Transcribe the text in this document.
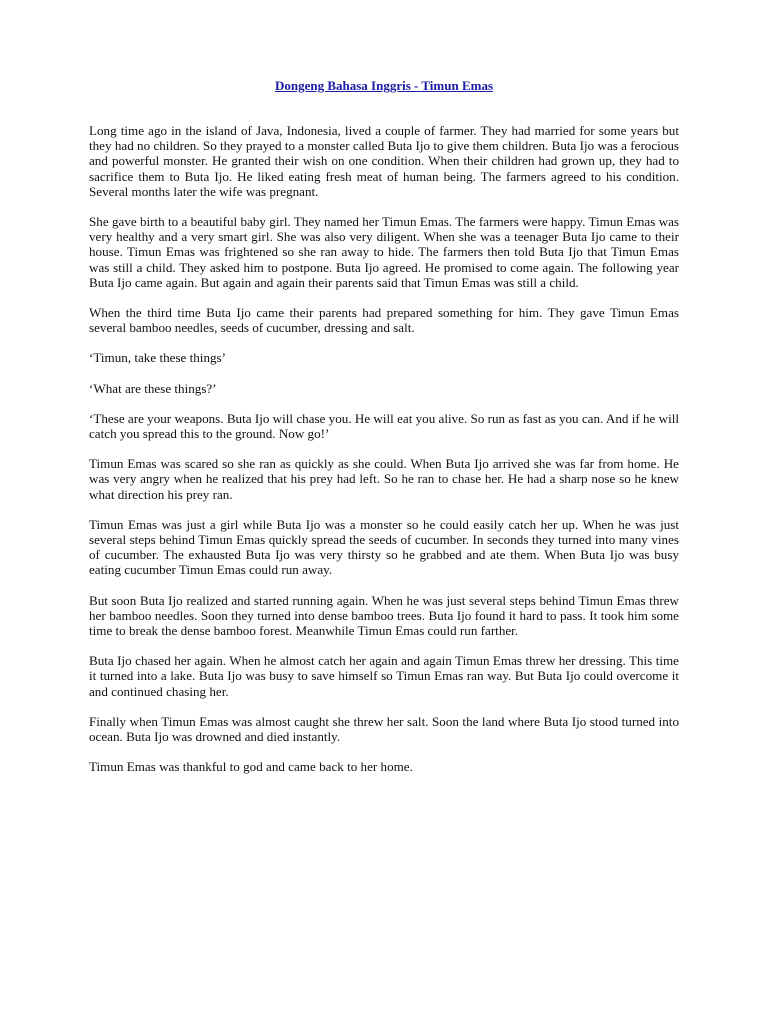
Dongeng Bahasa Inggris - Timun Emas

Long time ago in the island of Java, Indonesia, lived a couple of farmer. They had married for some years but they had no children. So they prayed to a monster called Buta Ijo to give them children. Buta Ijo was a ferocious and powerful monster. He granted their wish on one condition. When their children had grown up, they had to sacrifice them to Buta Ijo. He liked eating fresh meat of human being. The farmers agreed to his condition. Several months later the wife was pregnant.

She gave birth to a beautiful baby girl. They named her Timun Emas. The farmers were happy. Timun Emas was very healthy and a very smart girl. She was also very diligent. When she was a teenager Buta Ijo came to their house. Timun Emas was frightened so she ran away to hide. The farmers then told Buta Ijo that Timun Emas was still a child. They asked him to postpone. Buta Ijo agreed. He promised to come again. The following year Buta Ijo came again. But again and again their parents said that Timun Emas was still a child.

When the third time Buta Ijo came their parents had prepared something for him. They gave Timun Emas several bamboo needles, seeds of cucumber, dressing and salt.

‘Timun, take these things’

‘What are these things?’

‘These are your weapons. Buta Ijo will chase you. He will eat you alive. So run as fast as you can. And if he will catch you spread this to the ground. Now go!’

Timun Emas was scared so she ran as quickly as she could. When Buta Ijo arrived she was far from home. He was very angry when he realized that his prey had left. So he ran to chase her. He had a sharp nose so he knew what direction his prey ran.

Timun Emas was just a girl while Buta Ijo was a monster so he could easily catch her up. When he was just several steps behind Timun Emas quickly spread the seeds of cucumber. In seconds they turned into many vines of cucumber. The exhausted Buta Ijo was very thirsty so he grabbed and ate them. When Buta Ijo was busy eating cucumber Timun Emas could run away.

But soon Buta Ijo realized and started running again. When he was just several steps behind Timun Emas threw her bamboo needles. Soon they turned into dense bamboo trees. Buta Ijo found it hard to pass. It took him some time to break the dense bamboo forest. Meanwhile Timun Emas could run farther.

Buta Ijo chased her again. When he almost catch her again and again Timun Emas threw her dressing. This time it turned into a lake. Buta Ijo was busy to save himself so Timun Emas ran way. But Buta Ijo could overcome it and continued chasing her.

Finally when Timun Emas was almost caught she threw her salt. Soon the land where Buta Ijo stood turned into ocean. Buta Ijo was drowned and died instantly.

Timun Emas was thankful to god and came back to her home.
